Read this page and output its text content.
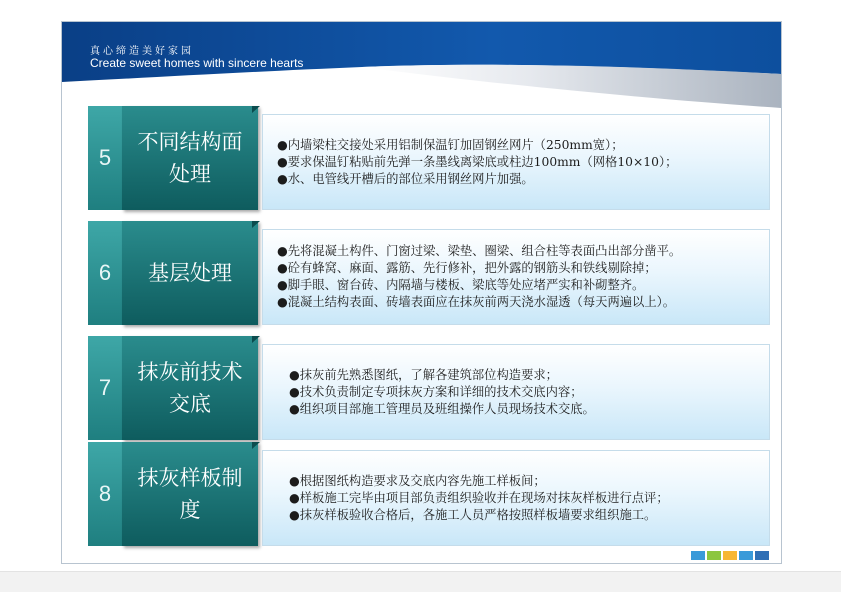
真心缔造美好家园
Create sweet homes with sincere hearts
5
不同结构面处理
●内墙梁柱交接处采用铝制保温钉加固钢丝网片（250mm宽）；
●要求保温钉粘贴前先弹一条墨线离梁底或柱边100mm（网格10×10）；
●水、电管线开槽后的部位采用钢丝网片加强。
6	基层处理
●先将混凝土构件、门窗过梁、梁垫、圈梁、组合柱等表面凸出部分凿平。
●砼有蜂窝、麻面、露筋、先行修补，把外露的钢筋头和铁线剔除掉；
●脚手眼、窗台砖、内隔墙与楼板、梁底等处应堵严实和补砌整齐。
●混凝土结构表面、砖墙表面应在抹灰前两天浇水湿透（每天两遍以上）。
7
抹灰前技术交底
●抹灰前先熟悉图纸，了解各建筑部位构造要求；
●技术负责制定专项抹灰方案和详细的技术交底内容；
●组织项目部施工管理员及班组操作人员现场技术交底。
8
抹灰样板制度
●根据图纸构造要求及交底内容先施工样板间；
●样板施工完毕由项目部负责组织验收并在现场对抹灰样板进行点评；
●抹灰样板验收合格后，各施工人员严格按照样板墙要求组织施工。
